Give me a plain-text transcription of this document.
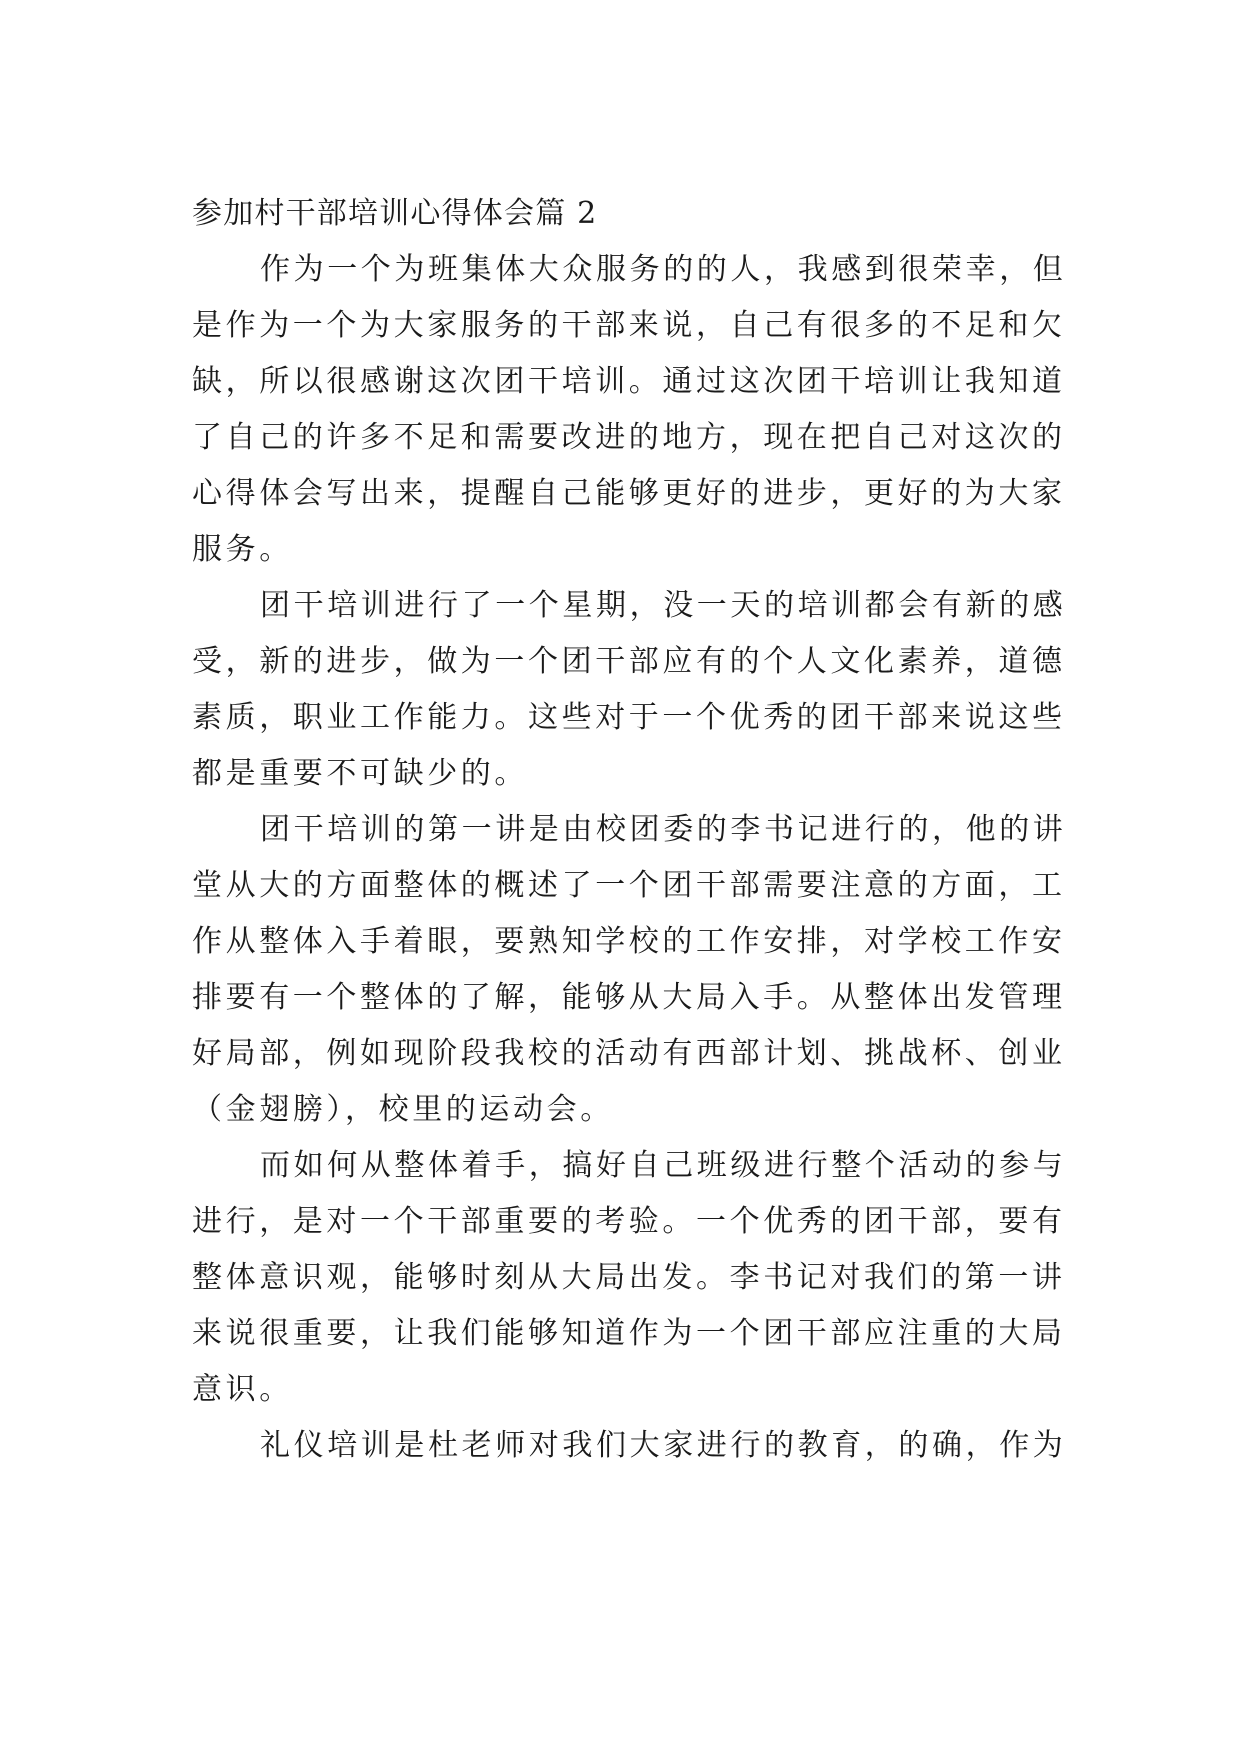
参加村干部培训心得体会篇 2
作为一个为班集体大众服务的的人，我感到很荣幸，但
是作为一个为大家服务的干部来说，自己有很多的不足和欠
缺，所以很感谢这次团干培训。通过这次团干培训让我知道
了自己的许多不足和需要改进的地方，现在把自己对这次的
心得体会写出来，提醒自己能够更好的进步，更好的为大家
服务。
团干培训进行了一个星期，没一天的培训都会有新的感
受，新的进步，做为一个团干部应有的个人文化素养，道德
素质，职业工作能力。这些对于一个优秀的团干部来说这些
都是重要不可缺少的。
团干培训的第一讲是由校团委的李书记进行的，他的讲
堂从大的方面整体的概述了一个团干部需要注意的方面，工
作从整体入手着眼，要熟知学校的工作安排，对学校工作安
排要有一个整体的了解，能够从大局入手。从整体出发管理
好局部，例如现阶段我校的活动有西部计划、挑战杯、创业
（金翅膀），校里的运动会。
而如何从整体着手，搞好自己班级进行整个活动的参与
进行，是对一个干部重要的考验。一个优秀的团干部，要有
整体意识观，能够时刻从大局出发。李书记对我们的第一讲
来说很重要，让我们能够知道作为一个团干部应注重的大局
意识。
礼仪培训是杜老师对我们大家进行的教育，的确，作为
